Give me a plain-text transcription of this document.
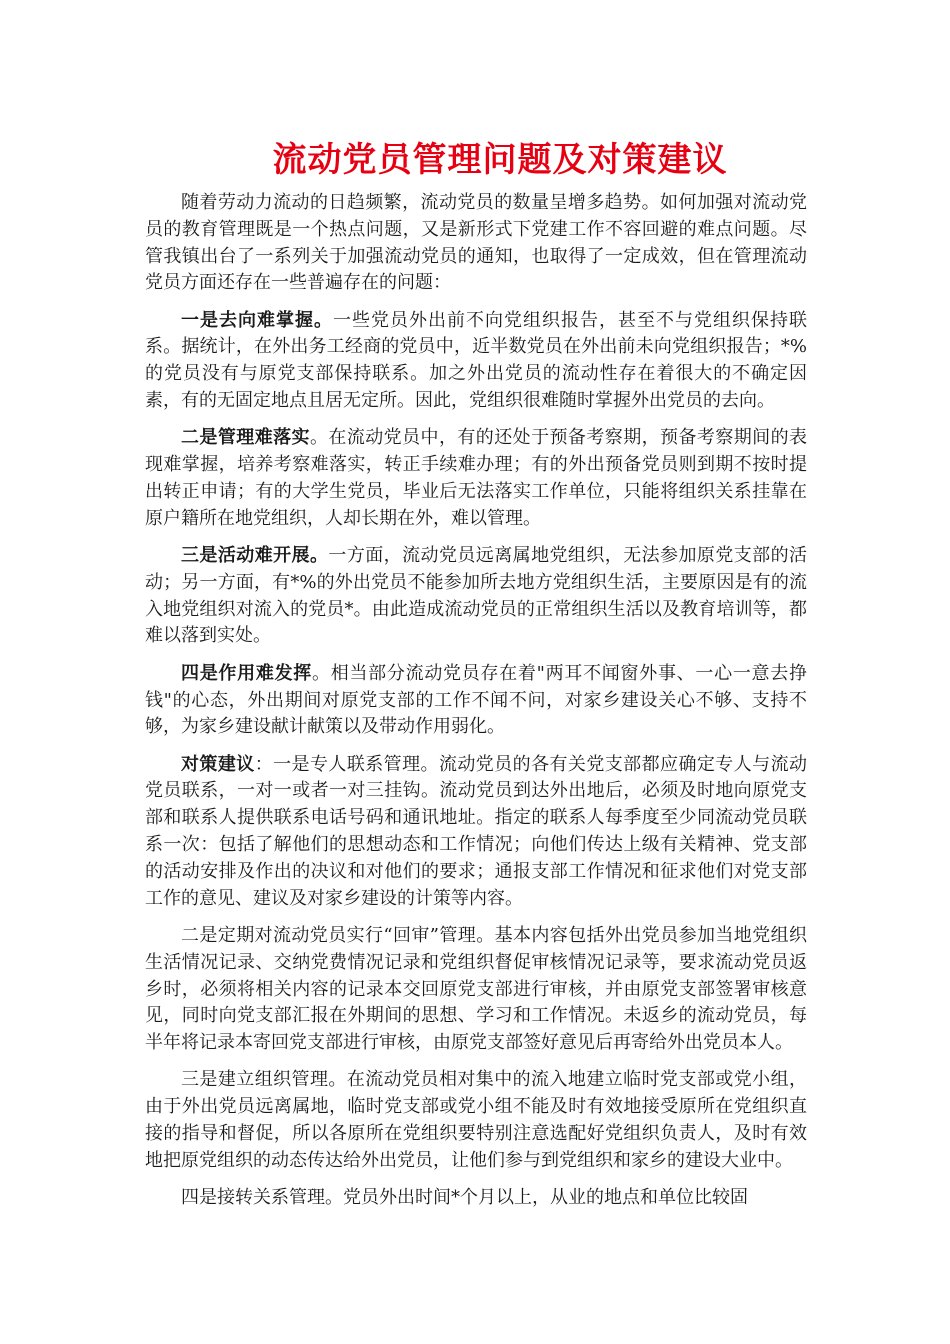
流动党员管理问题及对策建议

随着劳动力流动的日趋频繁，流动党员的数量呈增多趋势。如何加强对流动党员的教育管理既是一个热点问题，又是新形式下党建工作不容回避的难点问题。尽管我镇出台了一系列关于加强流动党员的通知，也取得了一定成效，但在管理流动党员方面还存在一些普遍存在的问题：

一是去向难掌握。一些党员外出前不向党组织报告，甚至不与党组织保持联系。据统计，在外出务工经商的党员中，近半数党员在外出前未向党组织报告；*%的党员没有与原党支部保持联系。加之外出党员的流动性存在着很大的不确定因素，有的无固定地点且居无定所。因此，党组织很难随时掌握外出党员的去向。

二是管理难落实。在流动党员中，有的还处于预备考察期，预备考察期间的表现难掌握，培养考察难落实，转正手续难办理；有的外出预备党员则到期不按时提出转正申请；有的大学生党员，毕业后无法落实工作单位，只能将组织关系挂靠在原户籍所在地党组织，人却长期在外，难以管理。

三是活动难开展。一方面，流动党员远离属地党组织，无法参加原党支部的活动；另一方面，有*%的外出党员不能参加所去地方党组织生活，主要原因是有的流入地党组织对流入的党员*。由此造成流动党员的正常组织生活以及教育培训等，都难以落到实处。

四是作用难发挥。相当部分流动党员存在着"两耳不闻窗外事、一心一意去挣钱"的心态，外出期间对原党支部的工作不闻不问，对家乡建设关心不够、支持不够，为家乡建设献计献策以及带动作用弱化。

对策建议：一是专人联系管理。流动党员的各有关党支部都应确定专人与流动党员联系，一对一或者一对三挂钩。流动党员到达外出地后，必须及时地向原党支部和联系人提供联系电话号码和通讯地址。指定的联系人每季度至少同流动党员联系一次：包括了解他们的思想动态和工作情况；向他们传达上级有关精神、党支部的活动安排及作出的决议和对他们的要求；通报支部工作情况和征求他们对党支部工作的意见、建议及对家乡建设的计策等内容。

二是定期对流动党员实行“回审”管理。基本内容包括外出党员参加当地党组织生活情况记录、交纳党费情况记录和党组织督促审核情况记录等，要求流动党员返乡时，必须将相关内容的记录本交回原党支部进行审核，并由原党支部签署审核意见，同时向党支部汇报在外期间的思想、学习和工作情况。未返乡的流动党员，每半年将记录本寄回党支部进行审核，由原党支部签好意见后再寄给外出党员本人。

三是建立组织管理。在流动党员相对集中的流入地建立临时党支部或党小组，由于外出党员远离属地，临时党支部或党小组不能及时有效地接受原所在党组织直接的指导和督促，所以各原所在党组织要特别注意选配好党组织负责人，及时有效地把原党组织的动态传达给外出党员，让他们参与到党组织和家乡的建设大业中。

四是接转关系管理。党员外出时间*个月以上，从业的地点和单位比较固
